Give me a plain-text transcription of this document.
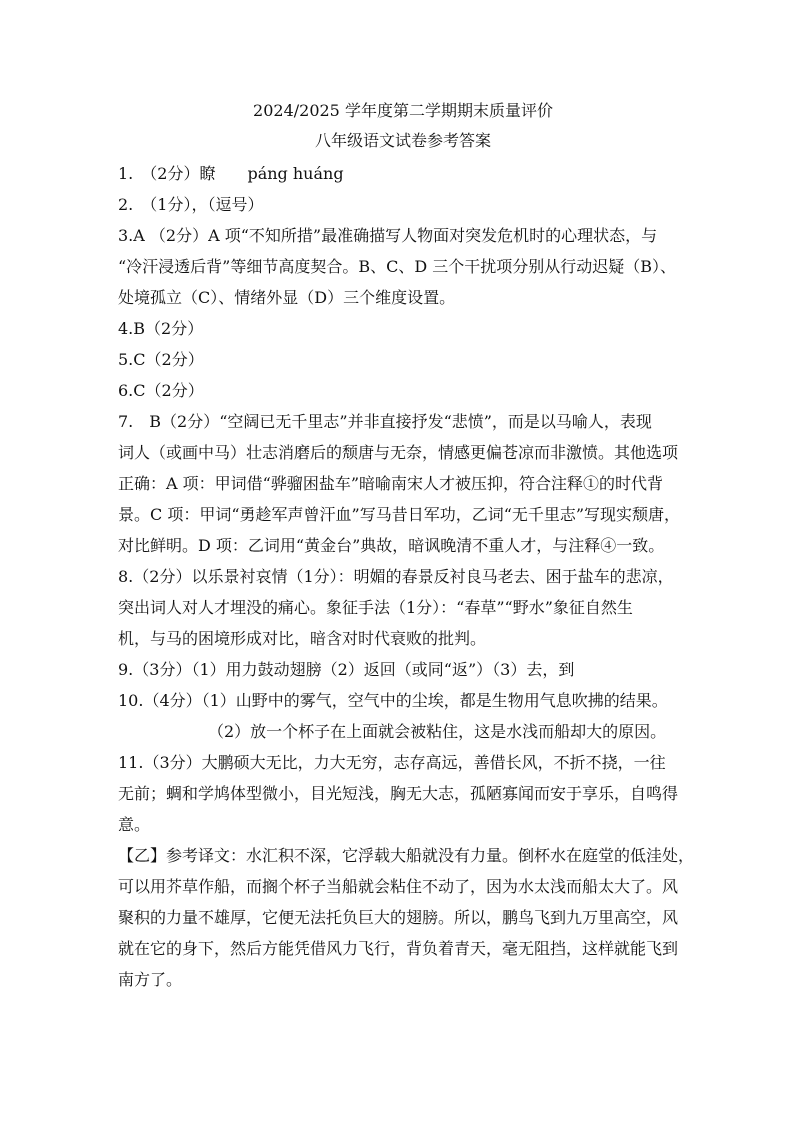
2024/2025 学年度第二学期期末质量评价
八年级语文试卷参考答案
1.　（2分）瞭　　páng huáng
2.　（1分），（逗号）
3.A （2分）A 项“不知所措”最准确描写人物面对突发危机时的心理状态，与
“冷汗浸透后背”等细节高度契合。B、C、D 三个干扰项分别从行动迟疑（B）、
处境孤立（C）、情绪外显（D）三个维度设置。
4.B（2分）
5.C（2分）
6.C（2分）
7.　B（2分）“空阔已无千里志”并非直接抒发“悲愤”，而是以马喻人，表现
词人（或画中马）壮志消磨后的颓唐与无奈，情感更偏苍凉而非激愤。其他选项
正确：A 项：甲词借“骅骝困盐车”暗喻南宋人才被压抑，符合注释①的时代背
景。C 项：甲词“勇趁军声曾汗血”写马昔日军功，乙词“无千里志”写现实颓唐，
对比鲜明。D 项：乙词用“黄金台”典故，暗讽晚清不重人才，与注释④一致。
8.（2分）以乐景衬哀情（1分）：明媚的春景反衬良马老去、困于盐车的悲凉，
突出词人对人才埋没的痛心。象征手法（1分）：“春草”“野水”象征自然生
机，与马的困境形成对比，暗含对时代衰败的批判。
9.（3分）（1）用力鼓动翅膀（2）返回（或同“返”）（3）去，到
10.（4分）（1）山野中的雾气，空气中的尘埃，都是生物用气息吹拂的结果。
（2）放一个杯子在上面就会被粘住，这是水浅而船却大的原因。
11.（3分）大鹏硕大无比，力大无穷，志存高远，善借长风，不折不挠，一往
无前；蜩和学鸠体型微小，目光短浅，胸无大志，孤陋寡闻而安于享乐，自鸣得
意。
【乙】参考译文：水汇积不深，它浮载大船就没有力量。倒杯水在庭堂的低洼处，
可以用芥草作船，而搁个杯子当船就会粘住不动了，因为水太浅而船太大了。风
聚积的力量不雄厚，它便无法托负巨大的翅膀。所以，鹏鸟飞到九万里高空，风
就在它的身下，然后方能凭借风力飞行，背负着青天，毫无阻挡，这样就能飞到
南方了。
